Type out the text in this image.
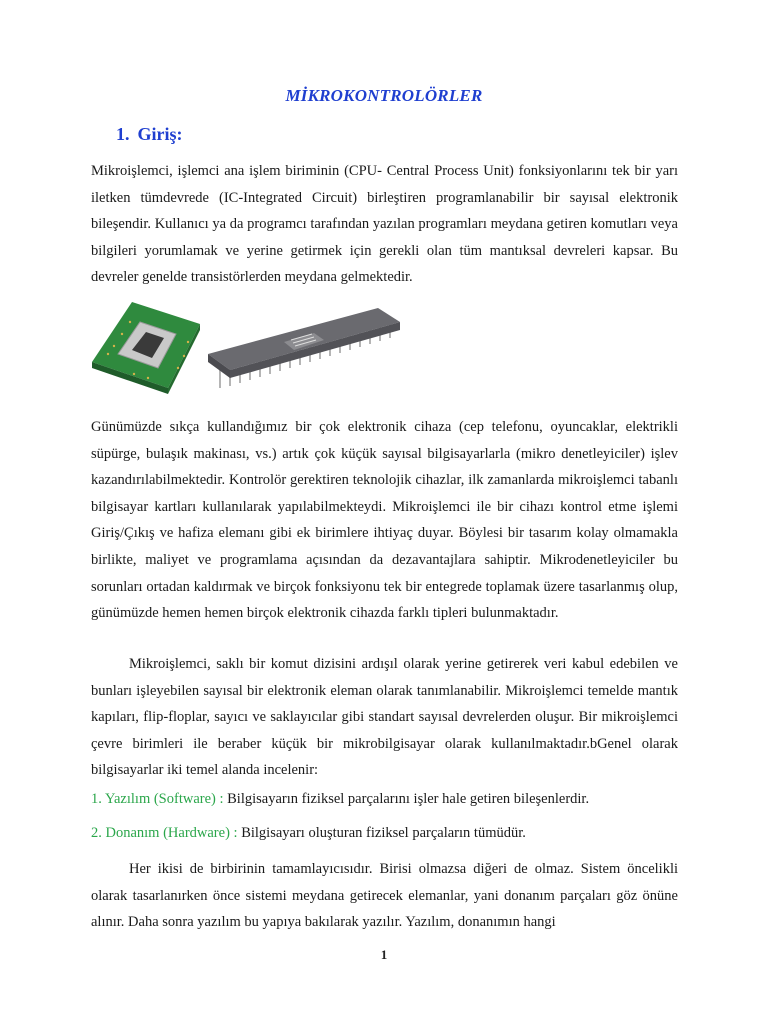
MİKROKONTROLÖRLER
1. Giriş:

Mikroişlemci, işlemci ana işlem biriminin (CPU- Central Process Unit) fonksiyonlarını tek bir yarı iletken tümdevrede (IC-Integrated Circuit) birleştiren programlanabilir bir sayısal elektronik bileşendir. Kullanıcı ya da programcı tarafından yazılan programları meydana getiren komutları veya bilgileri yorumlamak ve yerine getirmek için gerekli olan tüm mantıksal devreleri kapsar. Bu devreler genelde transistörlerden meydana gelmektedir.

Günümüzde sıkça kullandığımız bir çok elektronik cihaza (cep telefonu, oyuncaklar, elektrikli süpürge, bulaşık makinası, vs.) artık çok küçük sayısal bilgisayarlarla (mikro denetleyiciler) işlev kazandırılabilmektedir. Kontrolör gerektiren teknolojik cihazlar, ilk zamanlarda mikroişlemci tabanlı bilgisayar kartları kullanılarak yapılabilmekteydi. Mikroişlemci ile bir cihazı kontrol etme işlemi Giriş/Çıkış ve hafiza elemanı gibi ek birimlere ihtiyaç duyar. Böylesi bir tasarım kolay olmamakla birlikte, maliyet ve programlama açısından da dezavantajlara sahiptir. Mikrodenetleyiciler bu sorunları ortadan kaldırmak ve birçok fonksiyonu tek bir entegrede toplamak üzere tasarlanmış olup, günümüzde hemen hemen birçok elektronik cihazda farklı tipleri bulunmaktadır.

Mikroişlemci, saklı bir komut dizisini ardışıl olarak yerine getirerek veri kabul edebilen ve bunları işleyebilen sayısal bir elektronik eleman olarak tanımlanabilir. Mikroişlemci temelde mantık kapıları, flip-floplar, sayıcı ve saklayıcılar gibi standart sayısal devrelerden oluşur. Bir mikroişlemci çevre birimleri ile beraber küçük bir mikrobilgisayar olarak kullanılmaktadır.bGenel olarak bilgisayarlar iki temel alanda incelenir:

1. Yazılım (Software) : Bilgisayarın fiziksel parçalarını işler hale getiren bileşenlerdir.

2. Donanım (Hardware) : Bilgisayarı oluşturan fiziksel parçaların tümüdür.

Her ikisi de birbirinin tamamlayıcısıdır. Birisi olmazsa diğeri de olmaz. Sistem öncelikli olarak tasarlanırken önce sistemi meydana getirecek elemanlar, yani donanım parçaları göz önüne alınır. Daha sonra yazılım bu yapıya bakılarak yazılır. Yazılım, donanımın hangi

1
